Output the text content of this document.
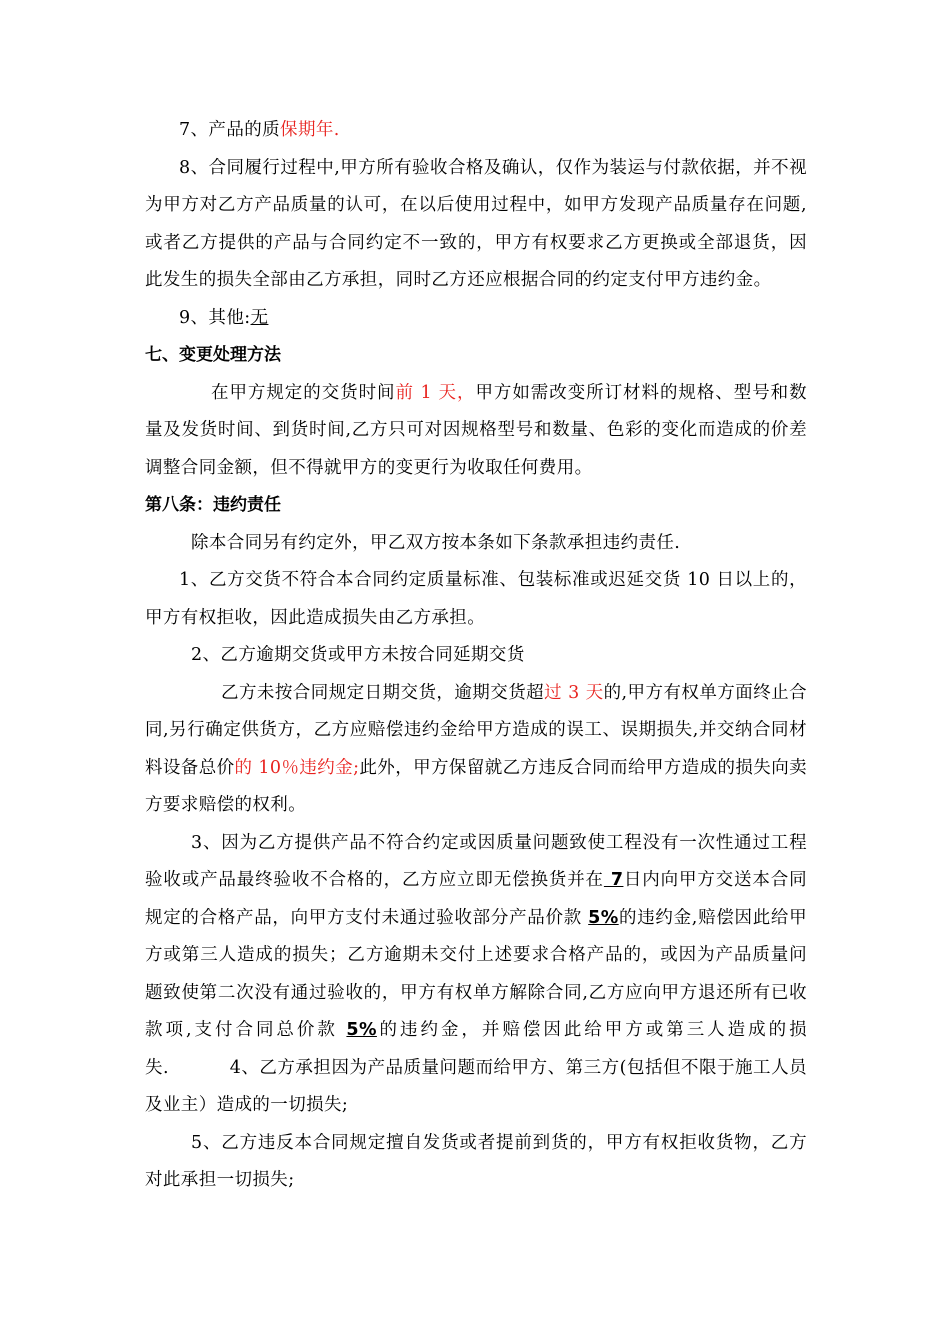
7、产品的质保期年.

8、合同履行过程中,甲方所有验收合格及确认，仅作为装运与付款依据，并不视为甲方对乙方产品质量的认可，在以后使用过程中，如甲方发现产品质量存在问题,或者乙方提供的产品与合同约定不一致的，甲方有权要求乙方更换或全部退货，因此发生的损失全部由乙方承担，同时乙方还应根据合同的约定支付甲方违约金。

9、其他:无

七、变更处理方法

在甲方规定的交货时间前 1 天，甲方如需改变所订材料的规格、型号和数量及发货时间、到货时间,乙方只可对因规格型号和数量、色彩的变化而造成的价差调整合同金额，但不得就甲方的变更行为收取任何费用。

第八条：违约责任

除本合同另有约定外，甲乙双方按本条如下条款承担违约责任.

1、乙方交货不符合本合同约定质量标准、包装标准或迟延交货 10 日以上的，甲方有权拒收，因此造成损失由乙方承担。

2、乙方逾期交货或甲方未按合同延期交货

乙方未按合同规定日期交货，逾期交货超过 3 天的,甲方有权单方面终止合同,另行确定供货方，乙方应赔偿违约金给甲方造成的误工、误期损失,并交纳合同材料设备总价的 10％违约金;此外，甲方保留就乙方违反合同而给甲方造成的损失向卖方要求赔偿的权利。

3、因为乙方提供产品不符合约定或因质量问题致使工程没有一次性通过工程验收或产品最终验收不合格的，乙方应立即无偿换货并在 7日内向甲方交送本合同规定的合格产品，向甲方支付未通过验收部分产品价款 5%的违约金,赔偿因此给甲方或第三人造成的损失；乙方逾期未交付上述要求合格产品的，或因为产品质量问题致使第二次没有通过验收的，甲方有权单方解除合同,乙方应向甲方退还所有已收款项,支付合同总价款 5%的违约金，并赔偿因此给甲方或第三人造成的损失.	4、乙方承担因为产品质量问题而给甲方、第三方(包括但不限于施工人员及业主）造成的一切损失;

5、乙方违反本合同规定擅自发货或者提前到货的，甲方有权拒收货物，乙方对此承担一切损失;
